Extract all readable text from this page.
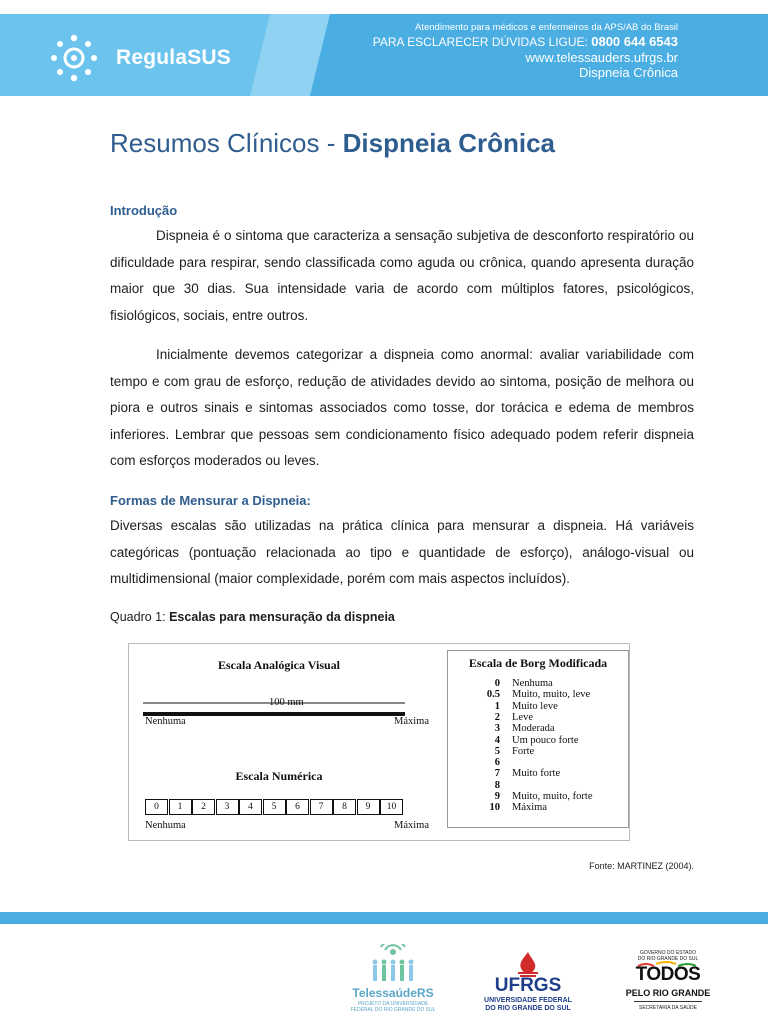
RegulaSUS
Atendimento para médicos e enfermeiros da APS/AB do Brasil
PARA ESCLARECER DÚVIDAS LIGUE: 0800 644 6543
www.telessauders.ufrgs.br
Dispneia Crônica
Resumos Clínicos - Dispneia Crônica
Introdução
Dispneia é o sintoma que caracteriza a sensação subjetiva de desconforto respiratório ou dificuldade para respirar, sendo classificada como aguda ou crônica, quando apresenta duração maior que 30 dias. Sua intensidade varia de acordo com múltiplos fatores, psicológicos, fisiológicos, sociais, entre outros.
Inicialmente devemos categorizar a dispneia como anormal: avaliar variabilidade com tempo e com grau de esforço, redução de atividades devido ao sintoma, posição de melhora ou piora e outros sinais e sintomas associados como tosse, dor torácica e edema de membros inferiores. Lembrar que pessoas sem condicionamento físico adequado podem referir dispneia com esforços moderados ou leves.
Formas de Mensurar a Dispneia:
Diversas escalas são utilizadas na prática clínica para mensurar a dispneia. Há variáveis categóricas (pontuação relacionada ao tipo e quantidade de esforço), análogo-visual ou multidimensional (maior complexidade, porém com mais aspectos incluídos).
Quadro 1: Escalas para mensuração da dispneia
Escala Analógica Visual
100 mm
Nenhuma	Máxima
Escala Numérica
0	1	2	3	4	5	6	7	8	9	10
Nenhuma	Máxima
Escala de Borg Modificada
0 Nenhuma
0.5 Muito, muito, leve
1 Muito leve
2 Leve
3 Moderada
4 Um pouco forte
5 Forte
6
7 Muito forte
8
9 Muito, muito, forte
10 Máxima
Fonte: MARTINEZ (2004).
TelessaúdeRS
PROJETO DA UNIVERSIDADE
FEDERAL DO RIO GRANDE DO SUL
UFRGS
UNIVERSIDADE FEDERAL
DO RIO GRANDE DO SUL
GOVERNO DO ESTADO
DO RIO GRANDE DO SUL
TODOS
PELO RIO GRANDE
SECRETARIA DA SAÚDE
